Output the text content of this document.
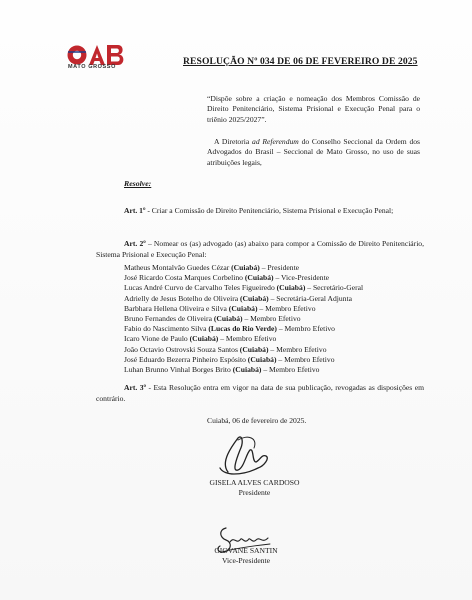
MATO GROSSO	RESOLUÇÃO Nº 034 DE 06 DE FEVEREIRO DE 2025

“Dispõe sobre a criação e nomeação dos Membros Comissão de Direito Penitenciário, Sistema Prisional e Execução Penal para o triênio 2025/2027”.

A Diretoria ad Referendum do Conselho Seccional da Ordem dos Advogados do Brasil – Seccional de Mato Grosso, no uso de suas atribuições legais,

Resolve:

Art. 1º - Criar a Comissão de Direito Penitenciário, Sistema Prisional e Execução Penal;

Art. 2º – Nomear os (as) advogado (as) abaixo para compor a Comissão de Direito Penitenciário, Sistema Prisional e Execução Penal:

Matheus Montalvão Guedes Cézar (Cuiabá) – Presidente
José Ricardo Costa Marques Corbelino (Cuiabá) – Vice-Presidente
Lucas André Curvo de Carvalho Teles Figueiredo (Cuiabá) – Secretário-Geral
Adrielly de Jesus Botelho de Oliveira (Cuiabá) – Secretária-Geral Adjunta
Barbhara Hellena Oliveira e Silva (Cuiabá) – Membro Efetivo
Bruno Fernandes de Oliveira (Cuiabá) – Membro Efetivo
Fabio do Nascimento Silva (Lucas do Rio Verde) – Membro Efetivo
Icaro Vione de Paulo (Cuiabá) – Membro Efetivo
João Octavio Ostrovski Souza Santos (Cuiabá) – Membro Efetivo
José Eduardo Bezerra Pinheiro Espósito (Cuiabá) – Membro Efetivo
Luhan Brunno Vinhal Borges Brito (Cuiabá) – Membro Efetivo

Art. 3º - Esta Resolução entra em vigor na data de sua publicação, revogadas as disposições em contrário.

Cuiabá, 06 de fevereiro de 2025.
GISELA ALVES CARDOSO
Presidente
GIOVANE SANTIN
Vice-Presidente
